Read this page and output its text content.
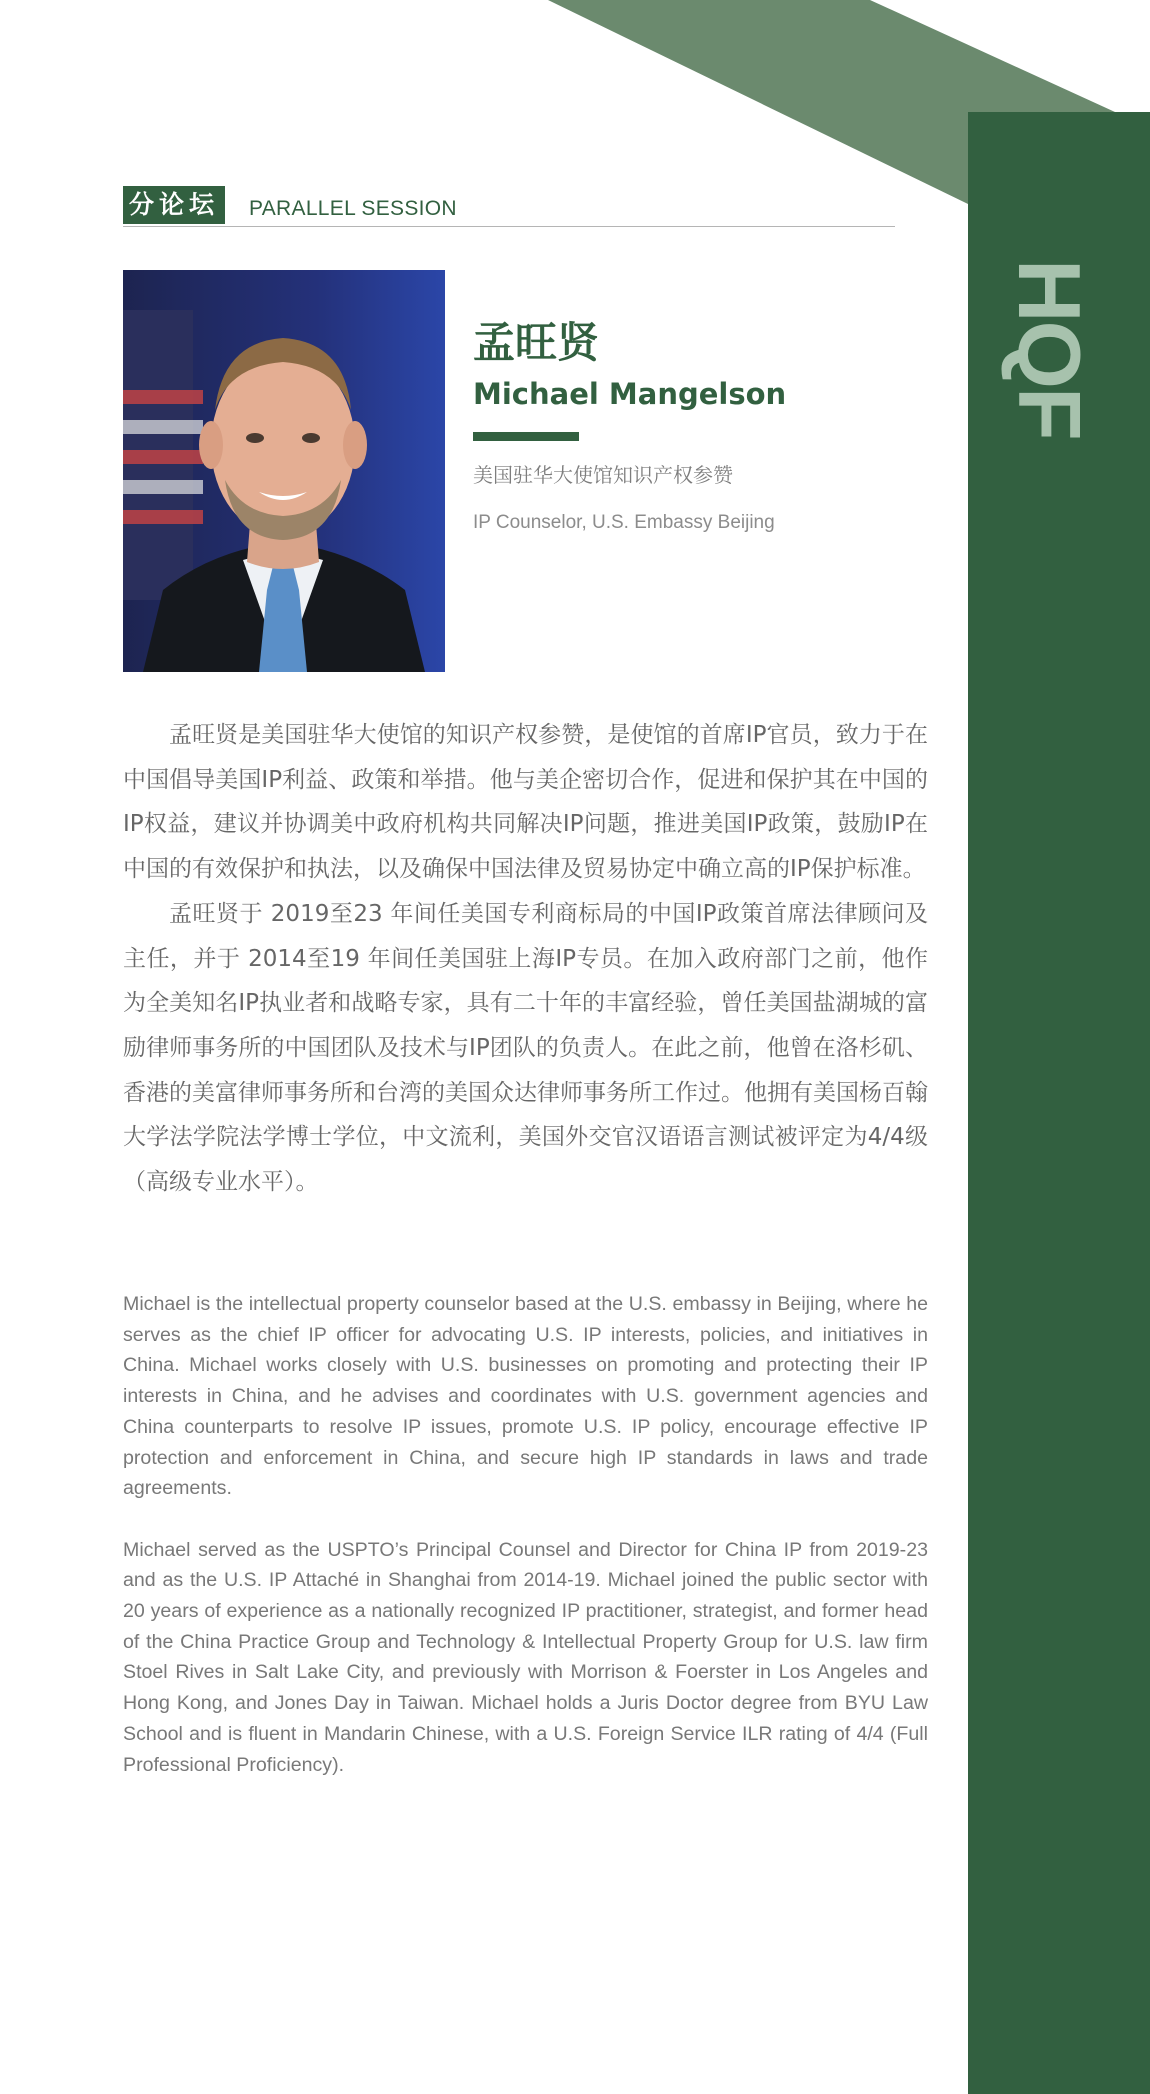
HQF
分论坛 PARALLEL SESSION
孟旺贤
Michael Mangelson
美国驻华大使馆知识产权参赞
IP Counselor, U.S. Embassy Beijing

孟旺贤是美国驻华大使馆的知识产权参赞，是使馆的首席IP官员，致力于在中国倡导美国IP利益、政策和举措。他与美企密切合作，促进和保护其在中国的IP权益，建议并协调美中政府机构共同解决IP问题，推进美国IP政策，鼓励IP在中国的有效保护和执法，以及确保中国法律及贸易协定中确立高的IP保护标准。

孟旺贤于 2019至23 年间任美国专利商标局的中国IP政策首席法律顾问及主任，并于 2014至19 年间任美国驻上海IP专员。在加入政府部门之前，他作为全美知名IP执业者和战略专家，具有二十年的丰富经验，曾任美国盐湖城的富励律师事务所的中国团队及技术与IP团队的负责人。在此之前，他曾在洛杉矶、香港的美富律师事务所和台湾的美国众达律师事务所工作过。他拥有美国杨百翰大学法学院法学博士学位，中文流利，美国外交官汉语语言测试被评定为4/4级（高级专业水平）。

Michael is the intellectual property counselor based at the U.S. embassy in Beijing, where he serves as the chief IP officer for advocating U.S. IP interests, policies, and initiatives in China. Michael works closely with U.S. businesses on promoting and protecting their IP interests in China, and he advises and coordinates with U.S. government agencies and China counterparts to resolve IP issues, promote U.S. IP policy, encourage effective IP protection and enforcement in China, and secure high IP standards in laws and trade agreements.

Michael served as the USPTO’s Principal Counsel and Director for China IP from 2019-23 and as the U.S. IP Attaché in Shanghai from 2014-19. Michael joined the public sector with 20 years of experience as a nationally recognized IP practitioner, strategist, and former head of the China Practice Group and Technology & Intellectual Property Group for U.S. law firm Stoel Rives in Salt Lake City, and previously with Morrison & Foerster in Los Angeles and Hong Kong, and Jones Day in Taiwan. Michael holds a Juris Doctor degree from BYU Law School and is fluent in Mandarin Chinese, with a U.S. Foreign Service ILR rating of 4/4 (Full Professional Proficiency).
